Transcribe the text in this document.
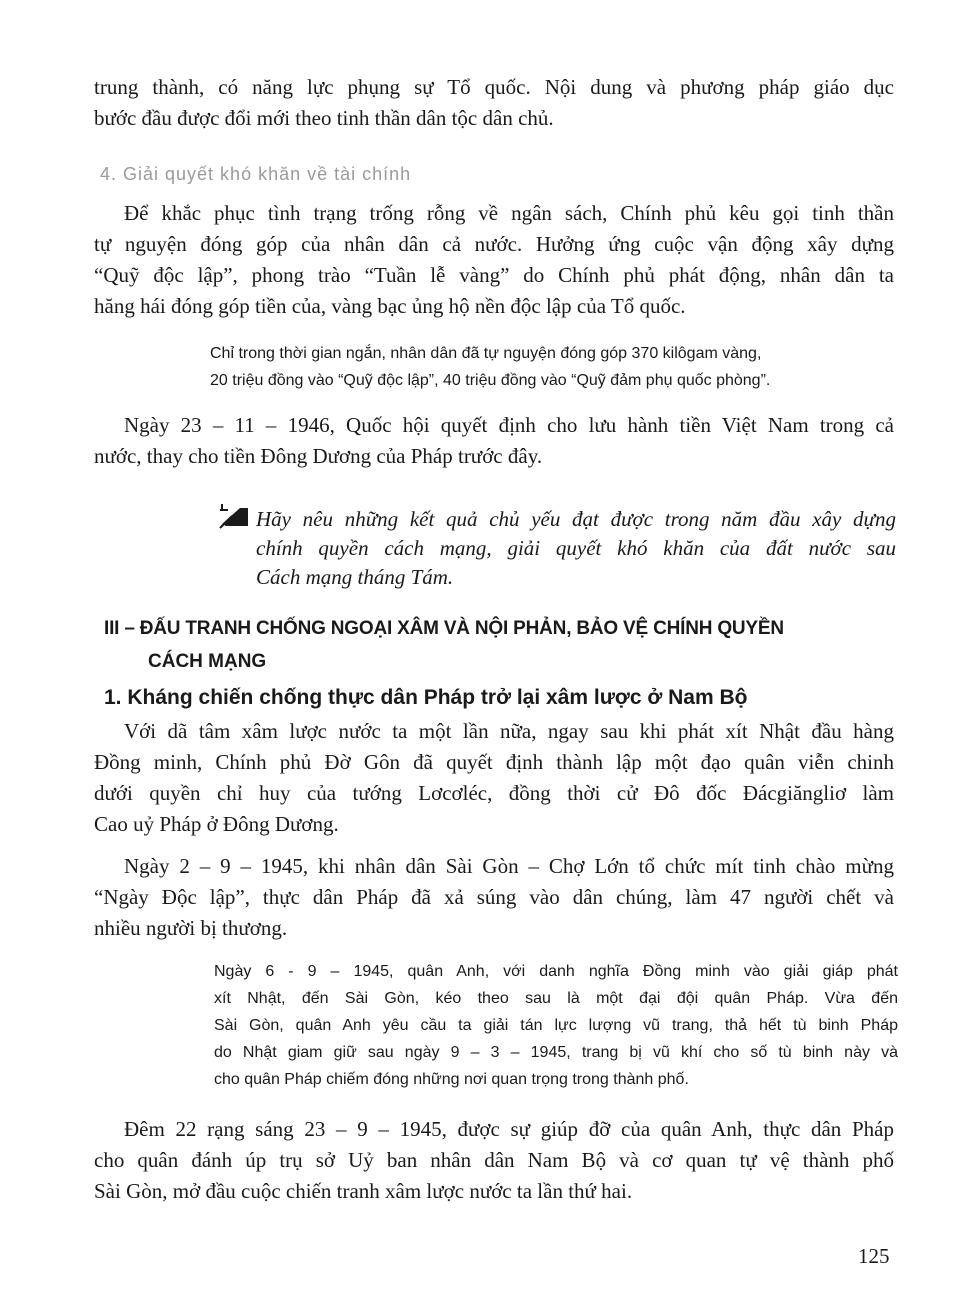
trung thành, có năng lực phụng sự Tổ quốc. Nội dung và phương pháp giáo dục
bước đầu được đổi mới theo tinh thần dân tộc dân chủ.
4. Giải quyết khó khăn về tài chính
Để khắc phục tình trạng trống rỗng về ngân sách, Chính phủ kêu gọi tinh thần
tự nguyện đóng góp của nhân dân cả nước. Hưởng ứng cuộc vận động xây dựng
“Quỹ độc lập”, phong trào “Tuần lễ vàng” do Chính phủ phát động, nhân dân ta
hăng hái đóng góp tiền của, vàng bạc ủng hộ nền độc lập của Tổ quốc.
Chỉ trong thời gian ngắn, nhân dân đã tự nguyện đóng góp 370 kilôgam vàng,
20 triệu đồng vào “Quỹ độc lập”, 40 triệu đồng vào “Quỹ đảm phụ quốc phòng”.
Ngày 23 – 11 – 1946, Quốc hội quyết định cho lưu hành tiền Việt Nam trong cả
nước, thay cho tiền Đông Dương của Pháp trước đây.
Hãy nêu những kết quả chủ yếu đạt được trong năm đầu xây dựng
chính quyền cách mạng, giải quyết khó khăn của đất nước sau
Cách mạng tháng Tám.
III – ĐẤU TRANH CHỐNG NGOẠI XÂM VÀ NỘI PHẢN, BẢO VỆ CHÍNH QUYỀN
CÁCH MẠNG
1. Kháng chiến chống thực dân Pháp trở lại xâm lược ở Nam Bộ
Với dã tâm xâm lược nước ta một lần nữa, ngay sau khi phát xít Nhật đầu hàng
Đồng minh, Chính phủ Đờ Gôn đã quyết định thành lập một đạo quân viễn chinh
dưới quyền chỉ huy của tướng Lơcơléc, đồng thời cử Đô đốc Đácgiăngliơ làm
Cao uỷ Pháp ở Đông Dương.
Ngày 2 – 9 – 1945, khi nhân dân Sài Gòn – Chợ Lớn tổ chức mít tinh chào mừng
“Ngày Độc lập”, thực dân Pháp đã xả súng vào dân chúng, làm 47 người chết và
nhiều người bị thương.
Ngày 6 - 9 – 1945, quân Anh, với danh nghĩa Đồng minh vào giải giáp phát
xít Nhật, đến Sài Gòn, kéo theo sau là một đại đội quân Pháp. Vừa đến
Sài Gòn, quân Anh yêu cầu ta giải tán lực lượng vũ trang, thả hết tù binh Pháp
do Nhật giam giữ sau ngày 9 – 3 – 1945, trang bị vũ khí cho số tù binh này và
cho quân Pháp chiếm đóng những nơi quan trọng trong thành phố.
Đêm 22 rạng sáng 23 – 9 – 1945, được sự giúp đỡ của quân Anh, thực dân Pháp
cho quân đánh úp trụ sở Uỷ ban nhân dân Nam Bộ và cơ quan tự vệ thành phố
Sài Gòn, mở đầu cuộc chiến tranh xâm lược nước ta lần thứ hai.
125
